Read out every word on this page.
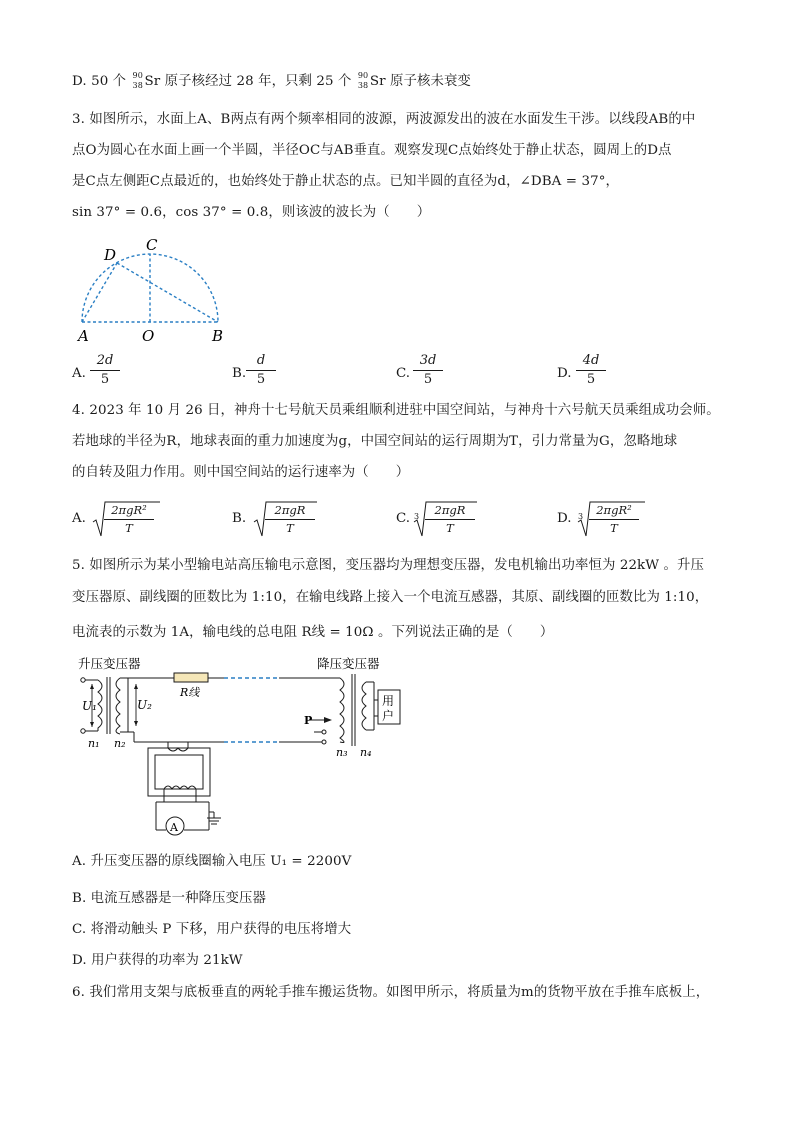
D. 50 个 90
38 Sr 原子核经过 28 年，只剩 25 个 90
38 Sr 原子核未衰变
3. 如图所示，水面上A、B两点有两个频率相同的波源，两波源发出的波在水面发生干涉。以线段AB的中
点O为圆心在水面上画一个半圆，半径OC与AB垂直。观察发现C点始终处于静止状态，圆周上的D点
是C点左侧距C点最近的，也始终处于静止状态的点。已知半圆的直径为d，∠DBA = 37°，
sin 37° = 0.6，cos 37° = 0.8，则该波的波长为（　　）
D
C
A	O	B
A. $\frac{2d}{5}$	B. $\frac{d}{5}$	C. $\frac{3d}{5}$	D. $\frac{4d}{5}$
4. 2023 年 10 月 26 日，神舟十七号航天员乘组顺利进驻中国空间站，与神舟十六号航天员乘组成功会师。
若地球的半径为R，地球表面的重力加速度为g，中国空间站的运行周期为T，引力常量为G，忽略地球
的自转及阻力作用。则中国空间站的运行速率为（　　）
A.
2πgR²
T
B.
2πgR
T
C. 3	2πgR
T
D. 3	2πgR²
T
5. 如图所示为某小型输电站高压输电示意图，变压器均为理想变压器，发电机输出功率恒为 22kW 。升压
变压器原、副线圈的匝数比为 1:10，在输电线路上接入一个电流互感器，其原、副线圈的匝数比为 1:10，
电流表的示数为 1A，输电线的总电阻 R线 = 10Ω 。下列说法正确的是（　　）
升压变压器	降压变压器
U₁	U₂
n₁ n₂
R线
A
P
用
户
n₃ n₄
A. 升压变压器的原线圈输入电压 U₁ = 2200V
B. 电流互感器是一种降压变压器
C. 将滑动触头 P 下移，用户获得的电压将增大
D. 用户获得的功率为 21kW
6. 我们常用支架与底板垂直的两轮手推车搬运货物。如图甲所示，将质量为m的货物平放在手推车底板上，
